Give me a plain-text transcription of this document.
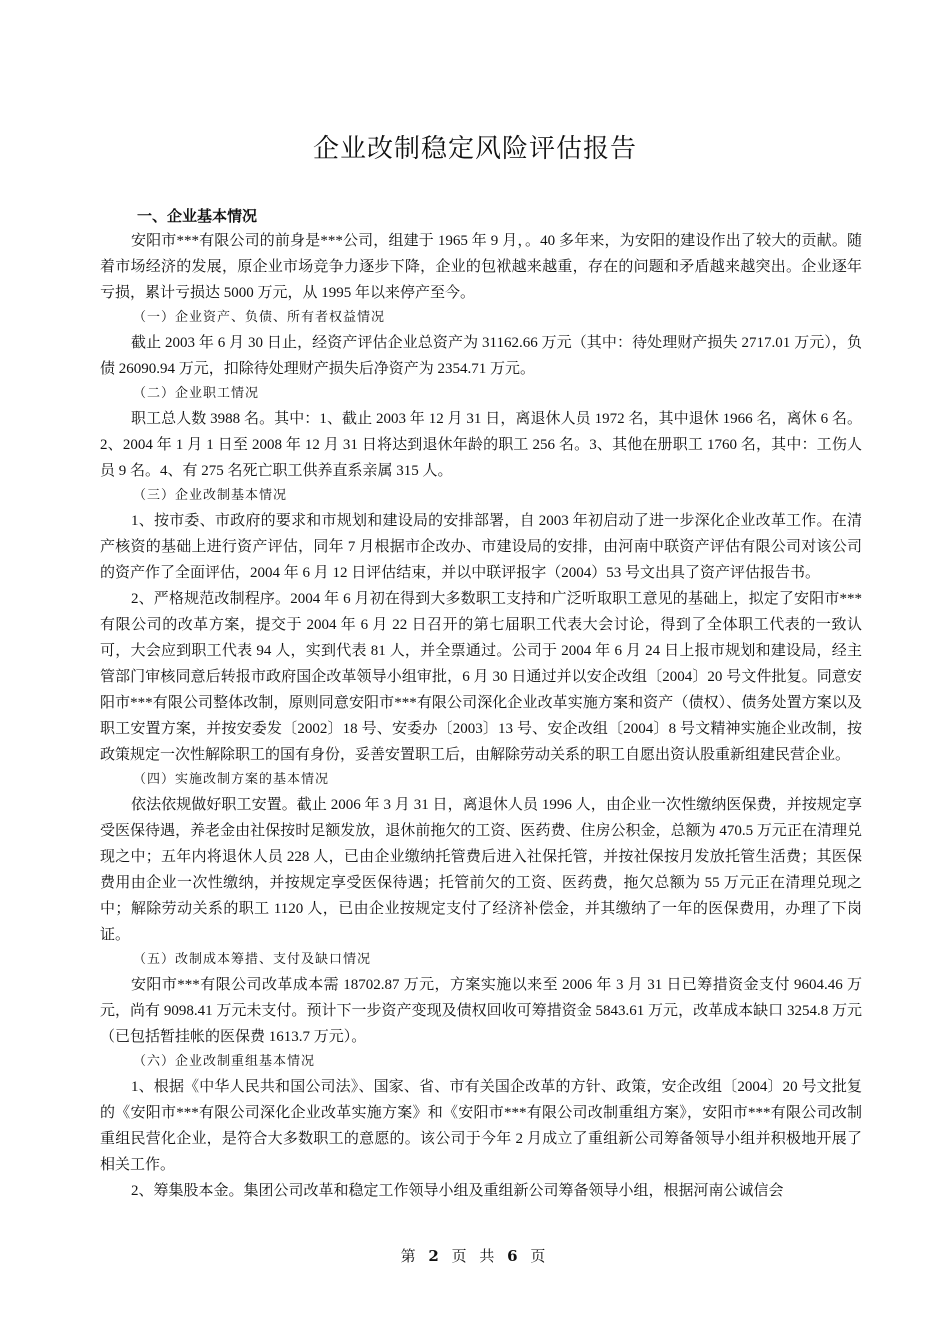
企业改制稳定风险评估报告

一、企业基本情况

安阳市***有限公司的前身是***公司，组建于 1965 年 9 月，。40 多年来，为安阳的建设作出了较大的贡献。随着市场经济的发展，原企业市场竞争力逐步下降，企业的包袱越来越重，存在的问题和矛盾越来越突出。企业逐年亏损，累计亏损达 5000 万元，从 1995 年以来停产至今。

（一）企业资产、负债、所有者权益情况

截止 2003 年 6 月 30 日止，经资产评估企业总资产为 31162.66 万元（其中：待处理财产损失 2717.01 万元），负债 26090.94 万元，扣除待处理财产损失后净资产为 2354.71 万元。

（二）企业职工情况

职工总人数 3988 名。其中：1、截止 2003 年 12 月 31 日，离退休人员 1972 名，其中退休 1966 名，离休 6 名。2、2004 年 1 月 1 日至 2008 年 12 月 31 日将达到退休年龄的职工 256 名。3、其他在册职工 1760 名，其中：工伤人员 9 名。4、有 275 名死亡职工供养直系亲属 315 人。

（三）企业改制基本情况

1、按市委、市政府的要求和市规划和建设局的安排部署，自 2003 年初启动了进一步深化企业改革工作。在清产核资的基础上进行资产评估，同年 7 月根据市企改办、市建设局的安排，由河南中联资产评估有限公司对该公司的资产作了全面评估，2004 年 6 月 12 日评估结束，并以中联评报字（2004）53 号文出具了资产评估报告书。

2、严格规范改制程序。2004 年 6 月初在得到大多数职工支持和广泛听取职工意见的基础上，拟定了安阳市***有限公司的改革方案，提交于 2004 年 6 月 22 日召开的第七届职工代表大会讨论，得到了全体职工代表的一致认可，大会应到职工代表 94 人，实到代表 81 人，并全票通过。公司于 2004 年 6 月 24 日上报市规划和建设局，经主管部门审核同意后转报市政府国企改革领导小组审批，6 月 30 日通过并以安企改组〔2004〕20 号文件批复。同意安阳市***有限公司整体改制，原则同意安阳市***有限公司深化企业改革实施方案和资产（债权）、债务处置方案以及职工安置方案，并按安委发〔2002〕18 号、安委办〔2003〕13 号、安企改组〔2004〕8 号文精神实施企业改制，按政策规定一次性解除职工的国有身份，妥善安置职工后，由解除劳动关系的职工自愿出资认股重新组建民营企业。

（四）实施改制方案的基本情况

依法依规做好职工安置。截止 2006 年 3 月 31 日，离退休人员 1996 人，由企业一次性缴纳医保费，并按规定享受医保待遇，养老金由社保按时足额发放，退休前拖欠的工资、医药费、住房公积金，总额为 470.5 万元正在清理兑现之中；五年内将退休人员 228 人，已由企业缴纳托管费后进入社保托管，并按社保按月发放托管生活费；其医保费用由企业一次性缴纳，并按规定享受医保待遇；托管前欠的工资、医药费，拖欠总额为 55 万元正在清理兑现之中；解除劳动关系的职工 1120 人，已由企业按规定支付了经济补偿金，并其缴纳了一年的医保费用，办理了下岗证。

（五）改制成本筹措、支付及缺口情况

安阳市***有限公司改革成本需 18702.87 万元，方案实施以来至 2006 年 3 月 31 日已筹措资金支付 9604.46 万元，尚有 9098.41 万元未支付。预计下一步资产变现及债权回收可筹措资金 5843.61 万元，改革成本缺口 3254.8 万元（已包括暂挂帐的医保费 1613.7 万元）。

（六）企业改制重组基本情况

1、根据《中华人民共和国公司法》、国家、省、市有关国企改革的方针、政策，安企改组〔2004〕20 号文批复的《安阳市***有限公司深化企业改革实施方案》和《安阳市***有限公司改制重组方案》，安阳市***有限公司改制重组民营化企业，是符合大多数职工的意愿的。该公司于今年 2 月成立了重组新公司筹备领导小组并积极地开展了相关工作。

2、筹集股本金。集团公司改革和稳定工作领导小组及重组新公司筹备领导小组，根据河南公诚信会

第 2 页 共 6 页
